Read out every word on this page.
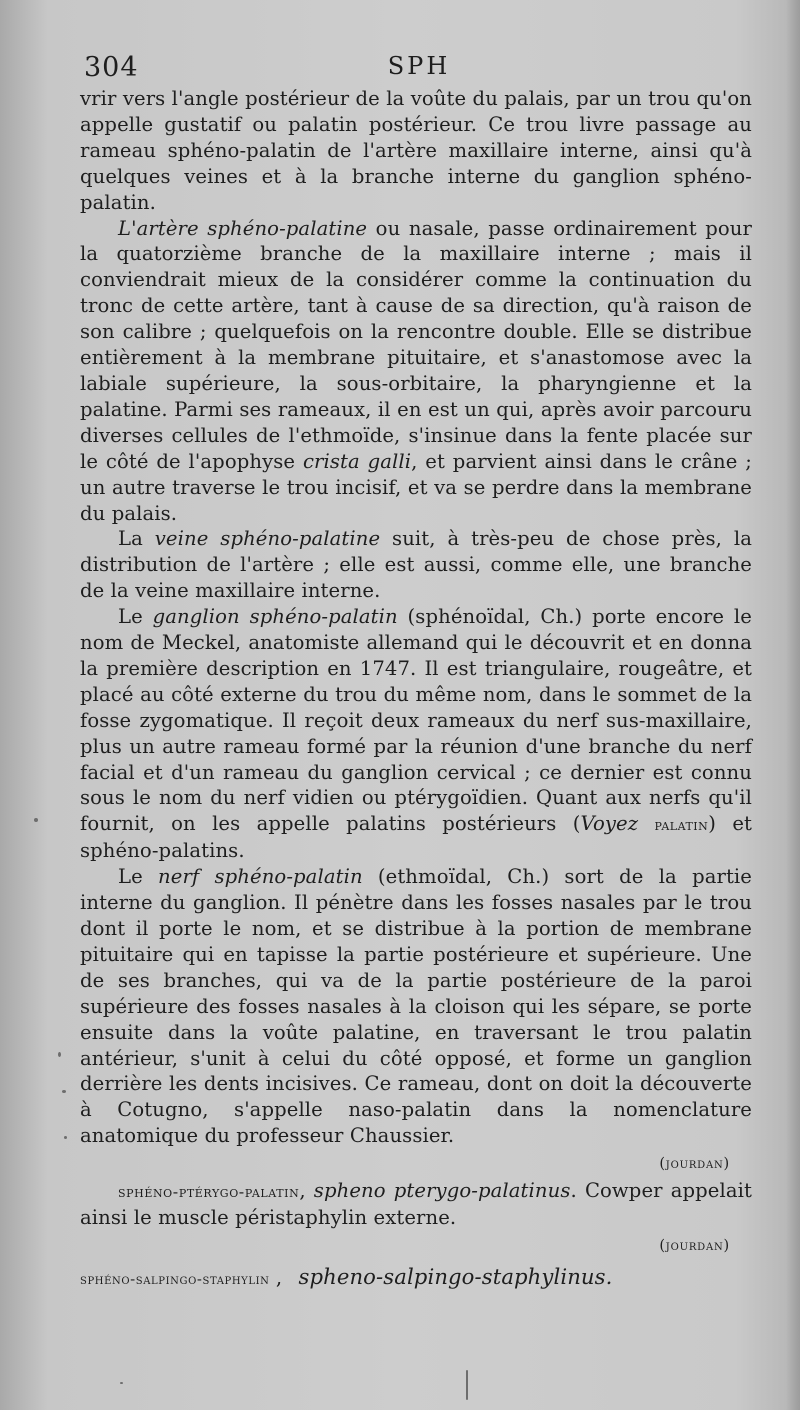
304	SPH

vrir vers l'angle postérieur de la voûte du palais, par un trou qu'on appelle gustatif ou palatin postérieur. Ce trou livre passage au rameau sphéno-palatin de l'artère maxillaire interne, ainsi qu'à quelques veines et à la branche interne du ganglion sphéno-palatin.

L'artère sphéno-palatine ou nasale, passe ordinairement pour la quatorzième branche de la maxillaire interne ; mais il conviendrait mieux de la considérer comme la continuation du tronc de cette artère, tant à cause de sa direction, qu'à raison de son calibre ; quelquefois on la rencontre double. Elle se distribue entièrement à la membrane pituitaire, et s'anastomose avec la labiale supérieure, la sous-orbitaire, la pharyngienne et la palatine. Parmi ses rameaux, il en est un qui, après avoir parcouru diverses cellules de l'ethmoïde, s'insinue dans la fente placée sur le côté de l'apophyse crista galli, et parvient ainsi dans le crâne ; un autre traverse le trou incisif, et va se perdre dans la membrane du palais.

La veine sphéno-palatine suit, à très-peu de chose près, la distribution de l'artère ; elle est aussi, comme elle, une branche de la veine maxillaire interne.

Le ganglion sphéno-palatin (sphénoïdal, Ch.) porte encore le nom de Meckel, anatomiste allemand qui le découvrit et en donna la première description en 1747. Il est triangulaire, rougeâtre, et placé au côté externe du trou du même nom, dans le sommet de la fosse zygomatique. Il reçoit deux rameaux du nerf sus-maxillaire, plus un autre rameau formé par la réunion d'une branche du nerf facial et d'un rameau du ganglion cervical ; ce dernier est connu sous le nom du nerf vidien ou ptérygoïdien. Quant aux nerfs qu'il fournit, on les appelle palatins postérieurs (Voyez palatin) et sphéno-palatins.

Le nerf sphéno-palatin (ethmoïdal, Ch.) sort de la partie interne du ganglion. Il pénètre dans les fosses nasales par le trou dont il porte le nom, et se distribue à la portion de membrane pituitaire qui en tapisse la partie postérieure et supérieure. Une de ses branches, qui va de la partie postérieure de la paroi supérieure des fosses nasales à la cloison qui les sépare, se porte ensuite dans la voûte palatine, en traversant le trou palatin antérieur, s'unit à celui du côté opposé, et forme un ganglion derrière les dents incisives. Ce rameau, dont on doit la découverte à Cotugno, s'appelle naso-palatin dans la nomenclature anatomique du professeur Chaussier.

(jourdan)

sphéno-ptérygo-palatin, spheno pterygo-palatinus. Cowper appelait ainsi le muscle péristaphylin externe.

(jourdan)

sphéno-salpingo-staphylin , spheno-salpingo-staphylinus.
